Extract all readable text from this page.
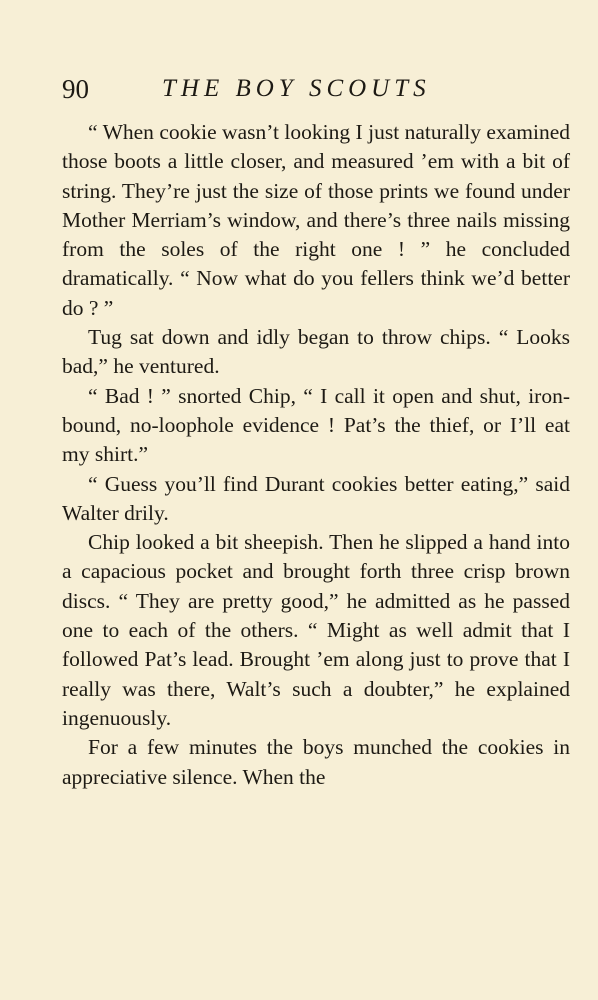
90	THE BOY SCOUTS

“ When cookie wasn’t looking I just naturally examined those boots a little closer, and measured ’em with a bit of string. They’re just the size of those prints we found under Mother Merriam’s window, and there’s three nails missing from the soles of the right one ! ” he concluded dramatically. “ Now what do you fellers think we’d better do ? ”

Tug sat down and idly began to throw chips. “ Looks bad,” he ventured.

“ Bad ! ” snorted Chip, “ I call it open and shut, iron-bound, no-loophole evidence ! Pat’s the thief, or I’ll eat my shirt.”

“ Guess you’ll find Durant cookies better eating,” said Walter drily.

Chip looked a bit sheepish. Then he slipped a hand into a capacious pocket and brought forth three crisp brown discs. “ They are pretty good,” he admitted as he passed one to each of the others. “ Might as well admit that I followed Pat’s lead. Brought ’em along just to prove that I really was there, Walt’s such a doubter,” he explained ingenuously.

For a few minutes the boys munched the cookies in appreciative silence. When the
